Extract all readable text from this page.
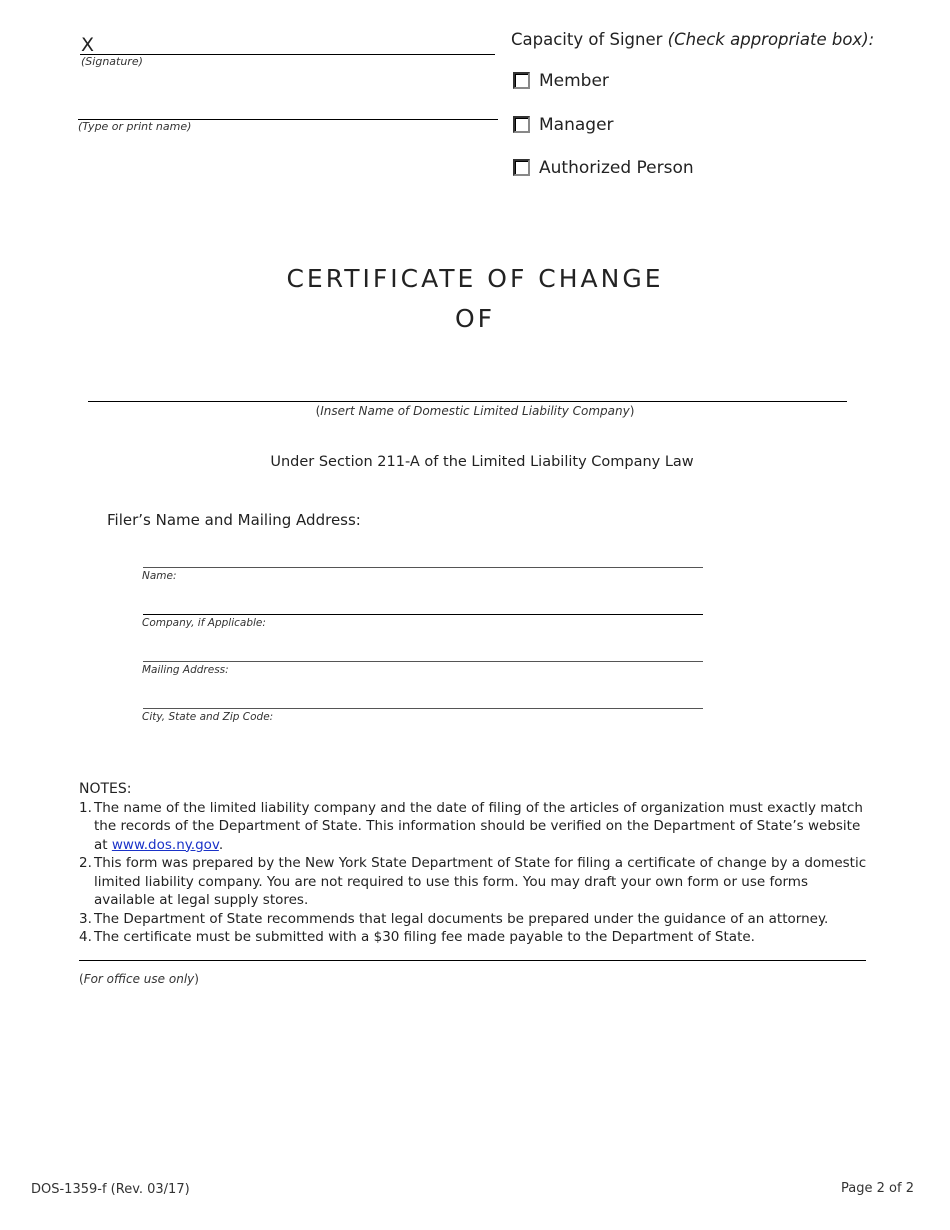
X
(Signature)
(Type or print name)
Capacity of Signer (Check appropriate box):
Member
Manager
Authorized Person
CERTIFICATE OF CHANGE
OF
(Insert Name of Domestic Limited Liability Company)
Under Section 211-A of the Limited Liability Company Law
Filer’s Name and Mailing Address:
Name:
Company, if Applicable:
Mailing Address:
City, State and Zip Code:
NOTES:
1. The name of the limited liability company and the date of filing of the articles of organization must exactly match the records of the Department of State. This information should be verified on the Department of State’s website at www.dos.ny.gov.
2. This form was prepared by the New York State Department of State for filing a certificate of change by a domestic limited liability company. You are not required to use this form. You may draft your own form or use forms available at legal supply stores.
3. The Department of State recommends that legal documents be prepared under the guidance of an attorney.
4. The certificate must be submitted with a $30 filing fee made payable to the Department of State.
(For office use only)
DOS-1359-f (Rev. 03/17)	Page 2 of 2
